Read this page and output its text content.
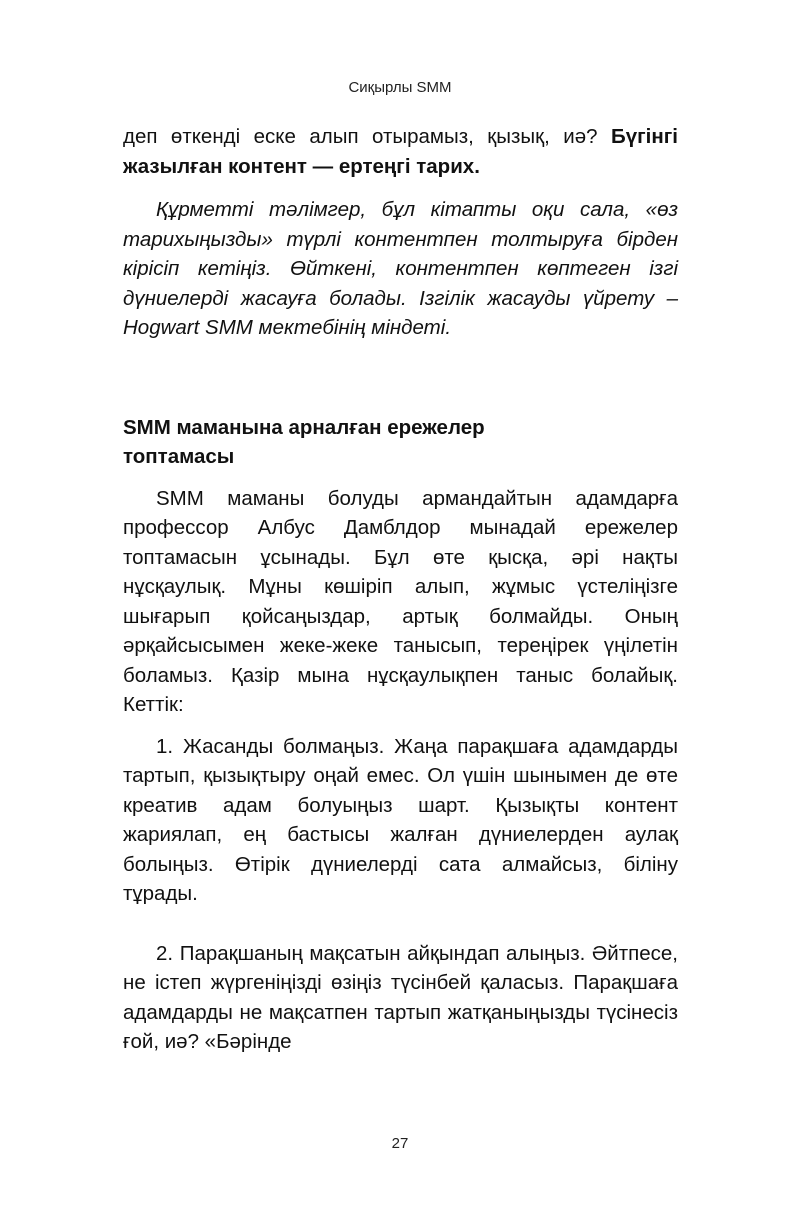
Сиқырлы SMM

деп өткенді еске алып отырамыз, қызық, иә? Бүгінгі жазылған контент — ертеңгі тарих.

Құрметті тәлімгер, бұл кітапты оқи сала, «өз тарихыңызды» түрлі контентпен толтыруға бірден кірісіп кетіңіз. Өйткені, контентпен көптеген ізгі дүниелерді жасауға болады. Ізгілік жасауды үйрету – Hogwart SMM мектебінің міндеті.

SMM маманына арналған ережелер

топтамасы

SMM маманы болуды армандайтын адамдарға профессор Албус Дамблдор мынадай ережелер топтамасын ұсынады. Бұл өте қысқа, әрі нақты нұсқаулық. Мұны көшіріп алып, жұмыс үстеліңізге шығарып қойсаңыздар, артық болмайды. Оның әрқайсысымен жеке-жеке танысып, тереңірек үңілетін боламыз. Қазір мына нұсқаулықпен таныс болайық. Кеттік:

1. Жасанды болмаңыз. Жаңа парақшаға адамдарды тартып, қызықтыру оңай емес. Ол үшін шынымен де өте креатив адам болуыңыз шарт. Қызықты контент жариялап, ең бастысы жалған дүниелерден аулақ болыңыз. Өтірік дүниелерді сата алмайсыз, біліну тұрады.

2. Парақшаның мақсатын айқындап алыңыз. Әйтпесе, не істеп жүргеніңізді өзіңіз түсінбей қаласыз. Парақшаға адамдарды не мақсатпен тартып жатқаныңызды түсінесіз ғой, иә? «Бәрінде

27
